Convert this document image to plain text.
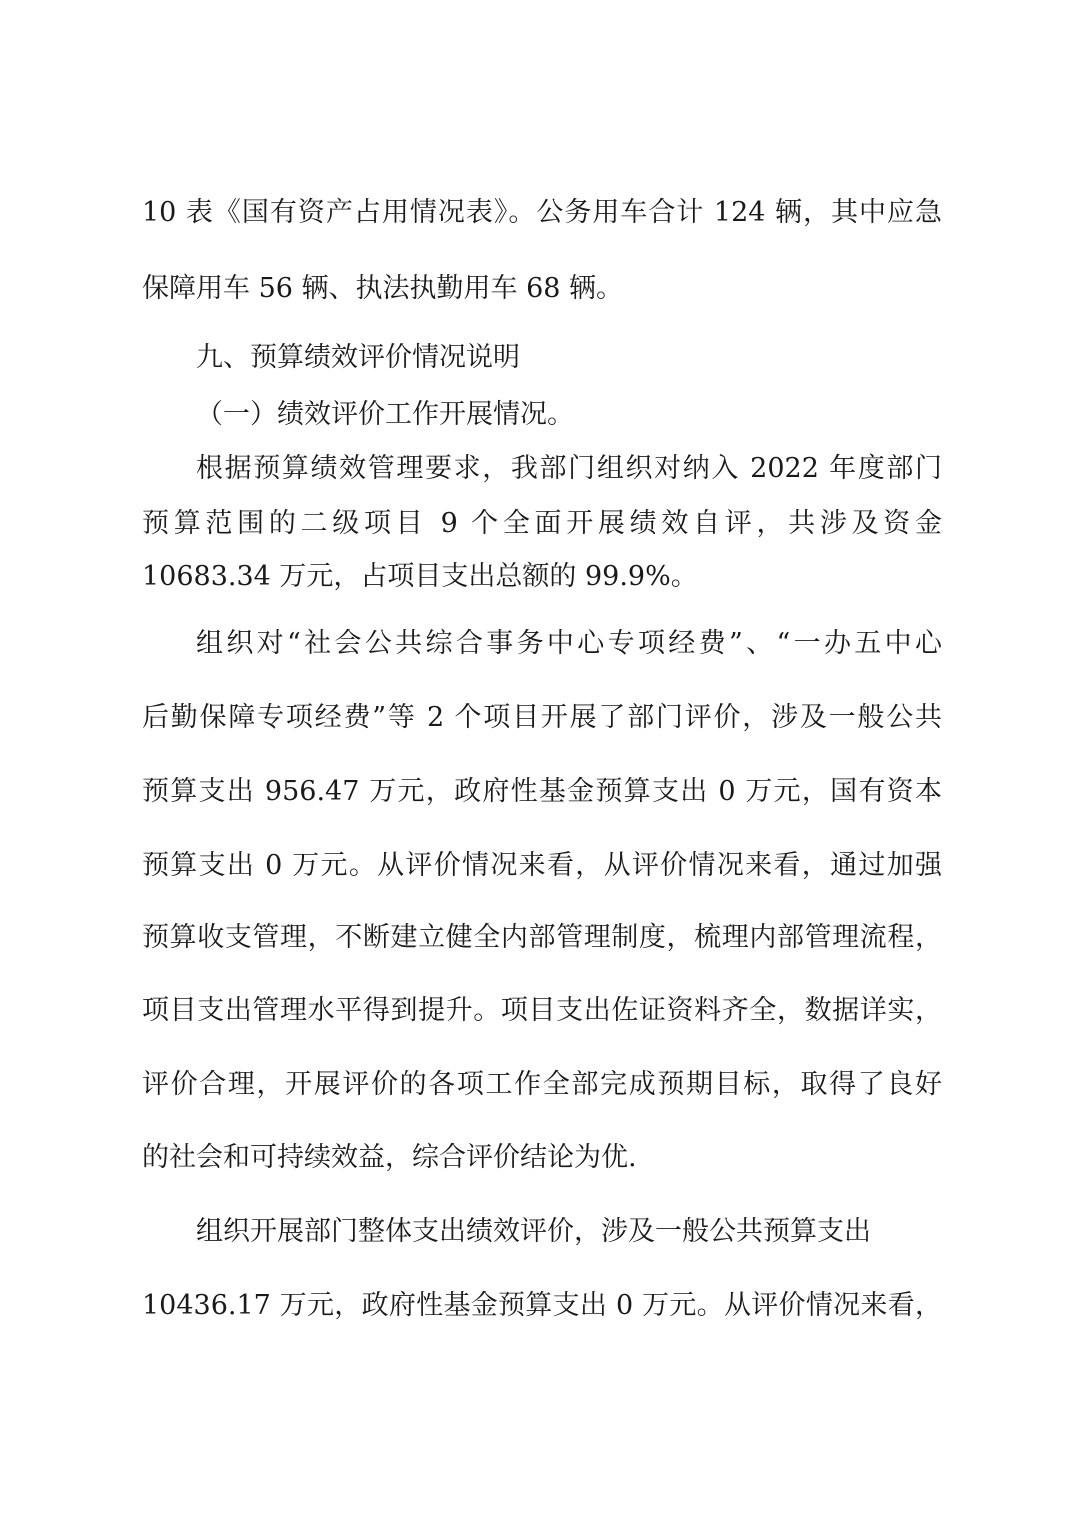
10 表《国有资产占用情况表》。公务用车合计 124 辆，其中应急
保障用车 56 辆、执法执勤用车 68 辆。
九、预算绩效评价情况说明
（一）绩效评价工作开展情况。
根据预算绩效管理要求，我部门组织对纳入 2022 年度部门
预算范围的二级项目 9 个全面开展绩效自评，共涉及资金
10683.34 万元，占项目支出总额的 99.9%。
组织对“社会公共综合事务中心专项经费”、“一办五中心
后勤保障专项经费”等 2 个项目开展了部门评价，涉及一般公共
预算支出 956.47 万元，政府性基金预算支出 0 万元，国有资本
预算支出 0 万元。从评价情况来看，从评价情况来看，通过加强
预算收支管理，不断建立健全内部管理制度，梳理内部管理流程，
项目支出管理水平得到提升。项目支出佐证资料齐全，数据详实，
评价合理，开展评价的各项工作全部完成预期目标，取得了良好
的社会和可持续效益，综合评价结论为优.
组织开展部门整体支出绩效评价，涉及一般公共预算支出
10436.17 万元，政府性基金预算支出 0 万元。从评价情况来看，
